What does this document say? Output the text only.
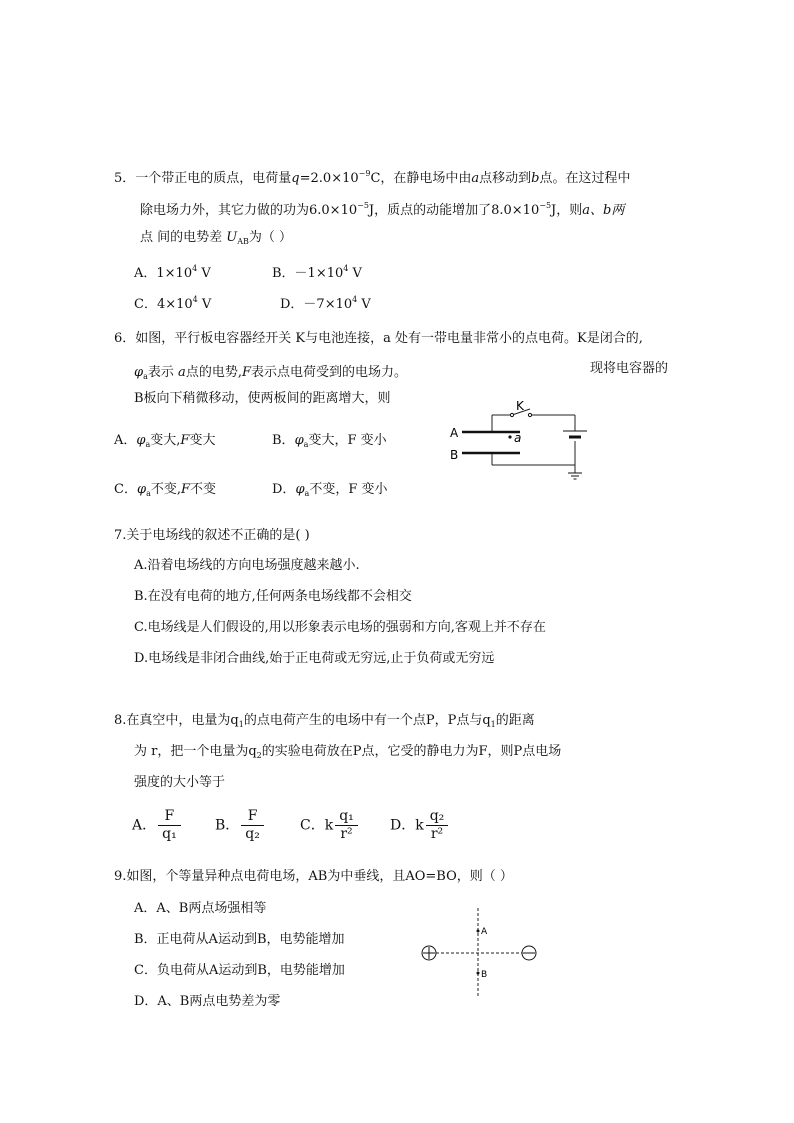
5．一个带正电的质点，电荷量$q=2.0\times 10^{-9}C$，在静电场中由a点移动到b点。在这过程中
除电场力外，其它力做的功为$6.0\times 10^{-5}J$，质点的动能增加了$8.0\times 10^{-5}J$，则a、b两
点 间的电势差 $U_{AB}$为（ ）
A．$1\times 10^4$ V	B．$-1\times 10^4$ V
C．$4\times 10^4$ V	D．$-7\times 10^4$ V
6．如图，平行板电容器经开关 K与电池连接，a 处有一带电量非常小的点电荷。K是闭合的,
$\varphi_a$表示 a点的电势,F表示点电荷受到的电场力。	现将电容器的
B板向下稍微移动，使两板间的距离增大，则
A．$\varphi_a$变大,F变大	B．$\varphi_a$变大，F 变小
C．$\varphi_a$不变,F不变	D．$\varphi_a$不变，F 变小
K
A
B
a
7.关于电场线的叙述不正确的是( )
A.沿着电场线的方向电场强度越来越小.
B.在没有电荷的地方,任何两条电场线都不会相交
C.电场线是人们假设的,用以形象表示电场的强弱和方向,客观上并不存在
D.电场线是非闭合曲线,始于正电荷或无穷远,止于负荷或无穷远
8.在真空中，电量为$q_1$的点电荷产生的电场中有一个点P，P点与$q_1$的距离
为 r，把一个电量为$q_2$的实验电荷放在P点，它受的静电力为F，则P点电场
强度的大小等于
A． $\frac{F}{\text{q₁}}$ B． $\frac{F}{\text{q₂}}$	C．k $\frac{\text{q₁}}{\text{r²}}$ D．k $\frac{\text{q₂}}{\text{r²}}$
9.如图，个等量异种点电荷电场，AB为中垂线，且AO=BO，则（ ）
A．A、B两点场强相等
B．正电荷从A运动到B，电势能增加
C．负电荷从A运动到B，电势能增加
D．A、B两点电势差为零
A
B
